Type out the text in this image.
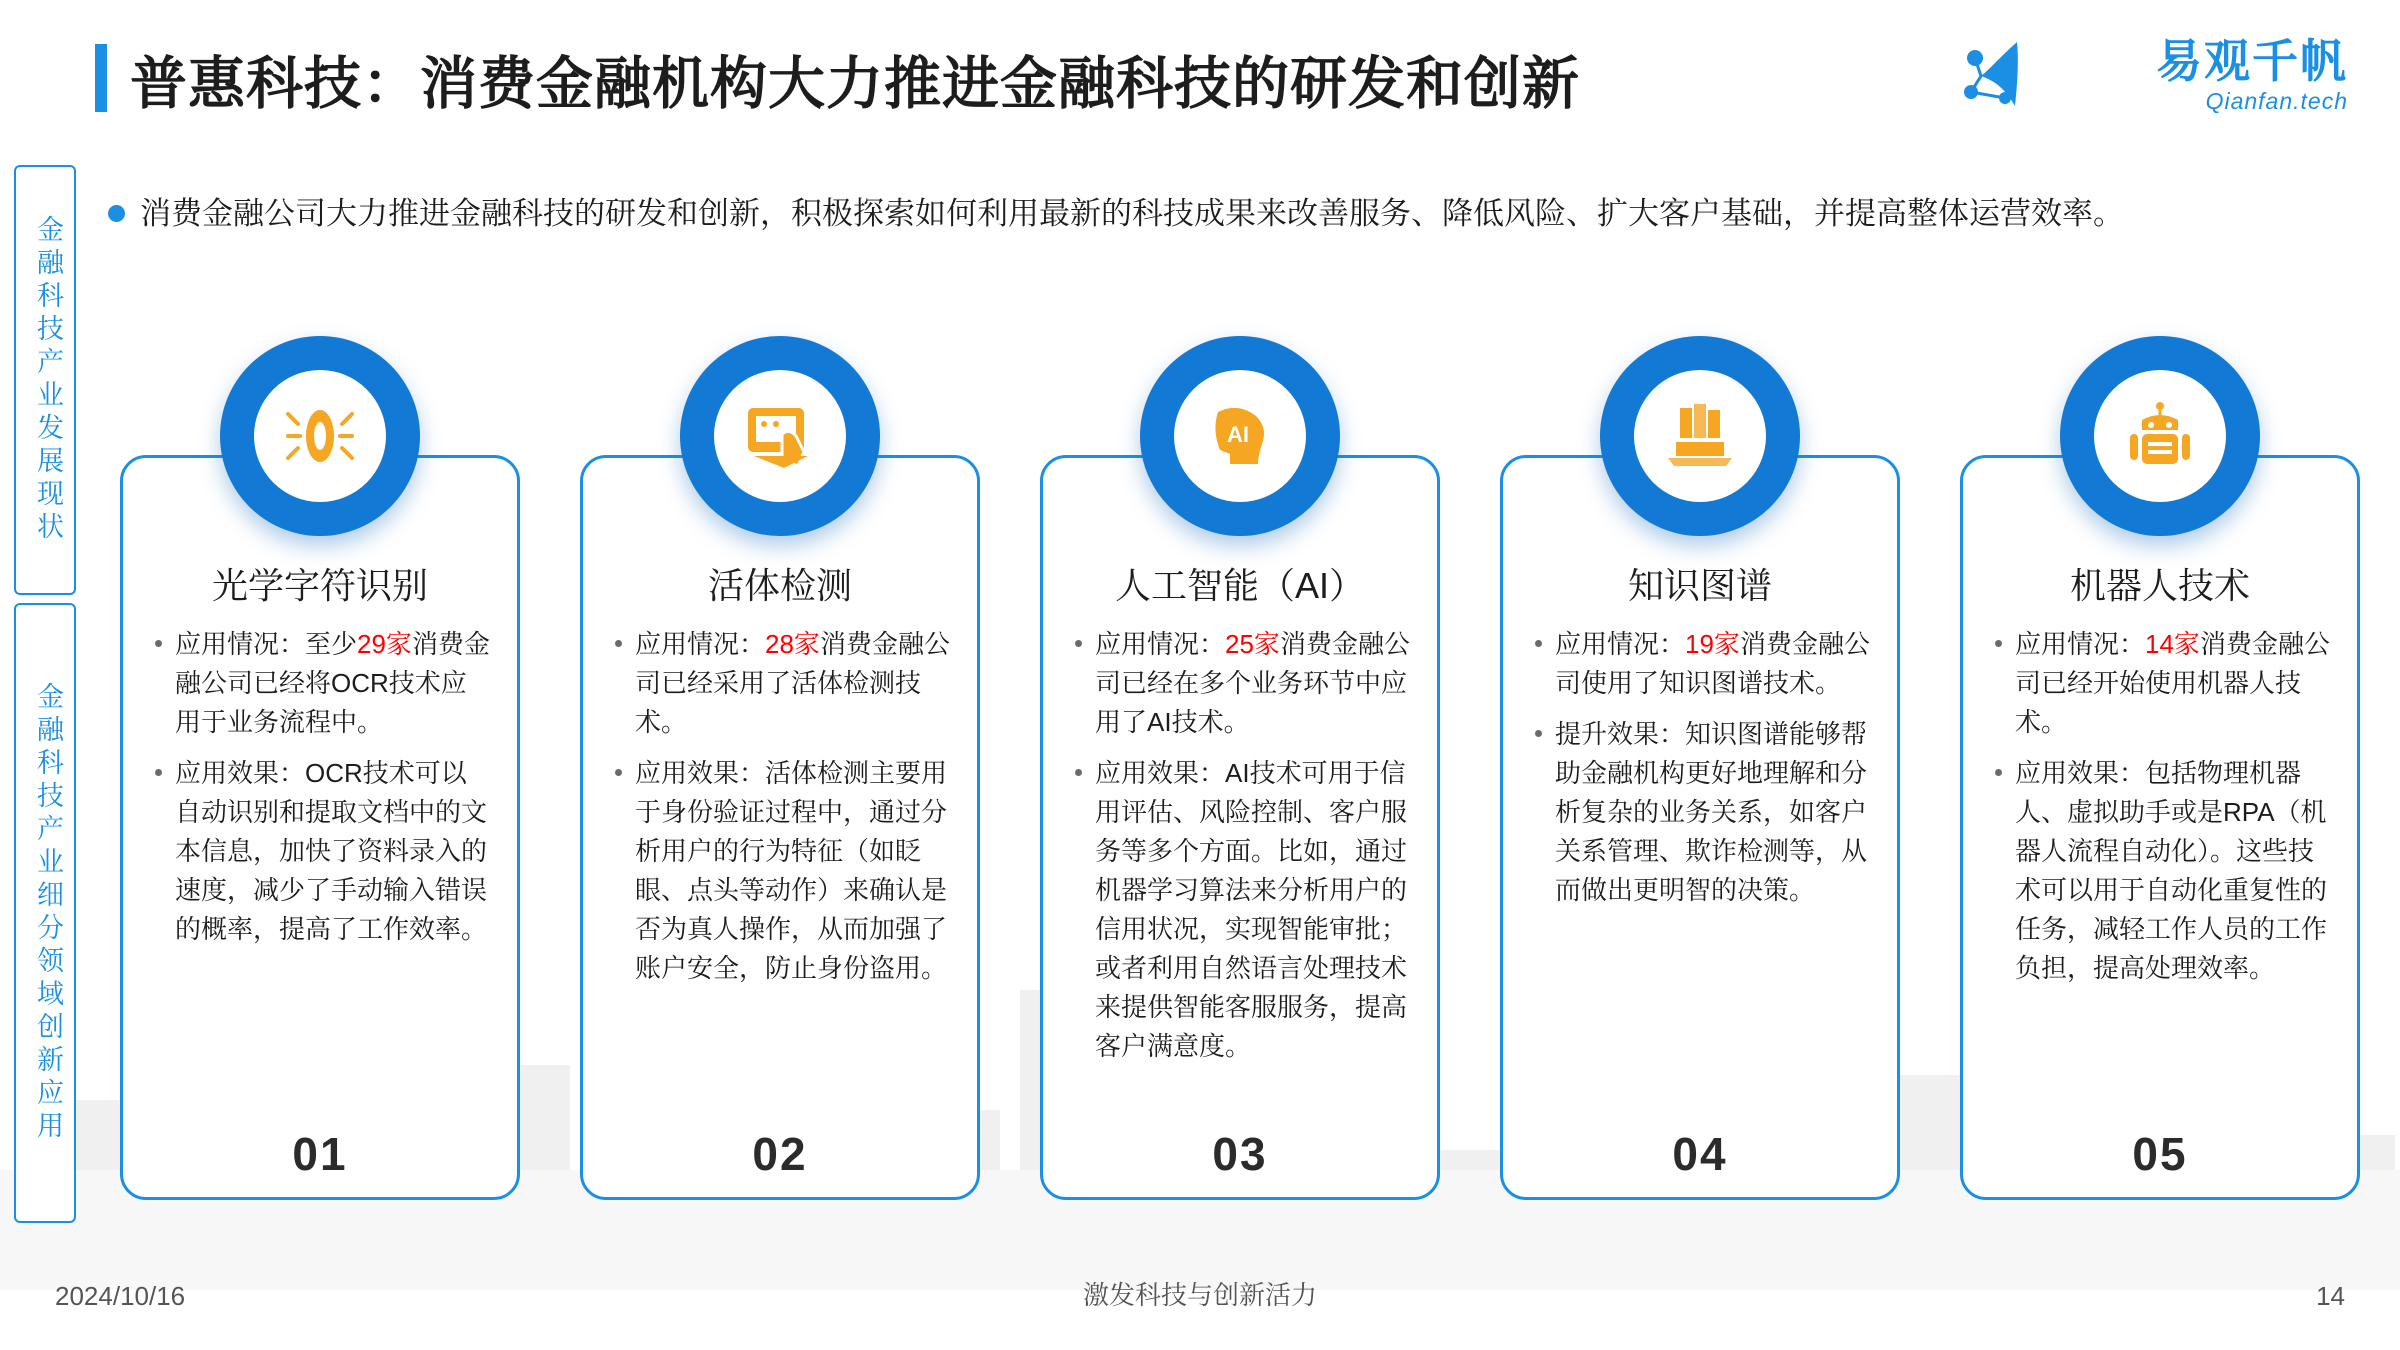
金融科技产业发展现状
金融科技产业细分领域创新应用
普惠科技：消费金融机构大力推进金融科技的研发和创新	易观千帆
Qianfan.tech
消费金融公司大力推进金融科技的研发和创新，积极探索如何利用最新的科技成果来改善服务、降低风险、扩大客户基础，并提高整体运营效率。
光学字符识别
应用情况：至少29家消费金融公司已经将OCR技术应用于业务流程中。
应用效果：OCR技术可以自动识别和提取文档中的文本信息，加快了资料录入的速度，减少了手动输入错误的概率，提高了工作效率。
01
活体检测
应用情况：28家消费金融公司已经采用了活体检测技术。
应用效果：活体检测主要用于身份验证过程中，通过分析用户的行为特征（如眨眼、点头等动作）来确认是否为真人操作，从而加强了账户安全，防止身份盗用。
02
AI
人工智能（AI）
应用情况：25家消费金融公司已经在多个业务环节中应用了AI技术。
应用效果：AI技术可用于信用评估、风险控制、客户服务等多个方面。比如，通过机器学习算法来分析用户的信用状况，实现智能审批；或者利用自然语言处理技术来提供智能客服服务，提高客户满意度。
03
知识图谱
应用情况：19家消费金融公司使用了知识图谱技术。
提升效果：知识图谱能够帮助金融机构更好地理解和分析复杂的业务关系，如客户关系管理、欺诈检测等，从而做出更明智的决策。
04
机器人技术
应用情况：14家消费金融公司已经开始使用机器人技术。
应用效果：包括物理机器人、虚拟助手或是RPA（机器人流程自动化）。这些技术可以用于自动化重复性的任务，减轻工作人员的工作负担，提高处理效率。
05
2024/10/16	激发科技与创新活力	14
